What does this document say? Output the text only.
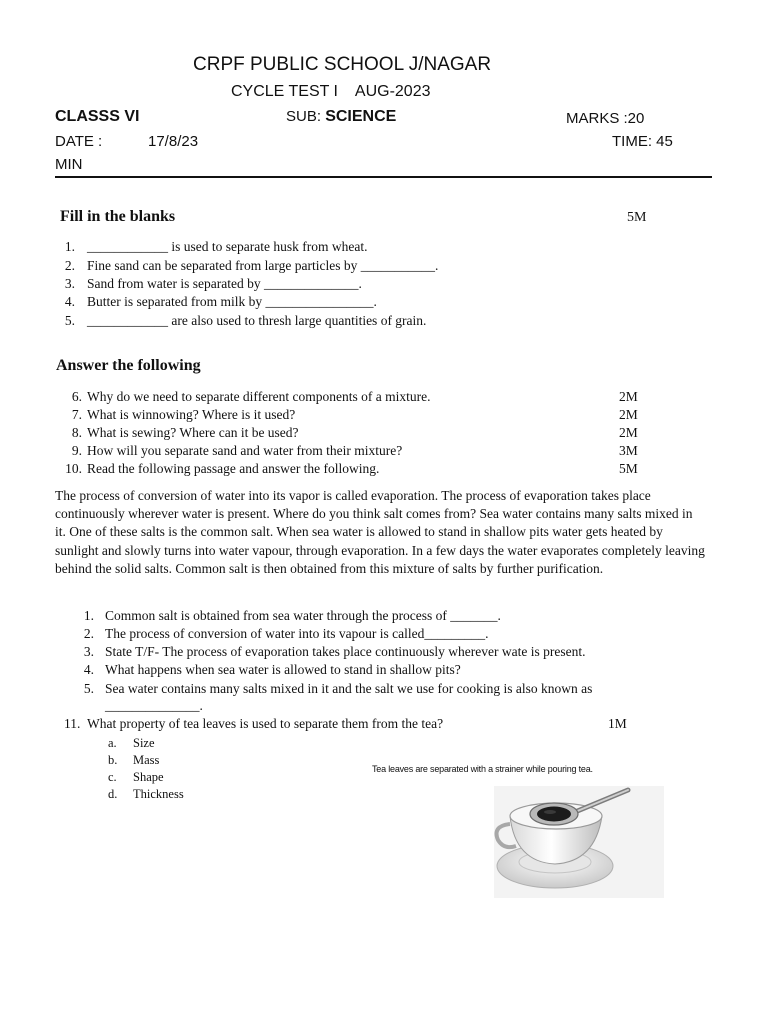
CRPF PUBLIC SCHOOL J/NAGAR
CYCLE TEST I AUG-2023
CLASSS VI	SUB: SCIENCE	MARKS :20
DATE :	17/8/23	TIME: 45
MIN
Fill in the blanks	5M
1. ____________ is used to separate husk from wheat.
2. Fine sand can be separated from large particles by ___________.
3. Sand from water is separated by ______________.
4. Butter is separated from milk by ________________.
5. ____________ are also used to thresh large quantities of grain.
Answer the following
6. Why do we need to separate different components of a mixture.	2M
7. What is winnowing? Where is it used?	2M
8. What is sewing? Where can it be used?	2M
9. How will you separate sand and water from their mixture?	3M
10. Read the following passage and answer the following.	5M

The process of conversion of water into its vapor is called evaporation. The process of evaporation takes place continuously wherever water is present. Where do you think salt comes from? Sea water contains many salts mixed in it. One of these salts is the common salt. When sea water is allowed to stand in shallow pits water gets heated by sunlight and slowly turns into water vapour, through evaporation. In a few days the water evaporates completely leaving behind the solid salts. Common salt is then obtained from this mixture of salts by further purification.

1. Common salt is obtained from sea water through the process of _______.
2. The process of conversion of water into its vapour is called_________.
3. State T/F- The process of evaporation takes place continuously wherever wate is present.
4. What happens when sea water is allowed to stand in shallow pits?
5. Sea water contains many salts mixed in it and the salt we use for cooking is also known as
______________.
11. What property of tea leaves is used to separate them from the tea?	1M
a. Size
b. Mass
c. Shape
d. Thickness
Tea leaves are separated with a strainer while pouring tea.
